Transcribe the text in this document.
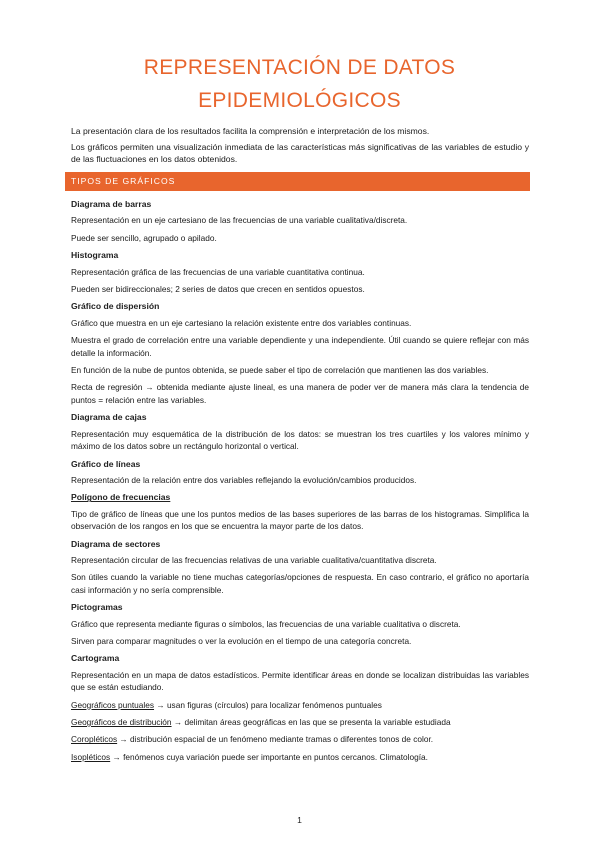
REPRESENTACIÓN DE DATOS
EPIDEMIOLÓGICOS
La presentación clara de los resultados facilita la comprensión e interpretación de los mismos.
Los gráficos permiten una visualización inmediata de las características más significativas de las variables de estudio y de las fluctuaciones en los datos obtenidos.
TIPOS DE GRÁFICOS
Diagrama de barras
Representación en un eje cartesiano de las frecuencias de una variable cualitativa/discreta.
Puede ser sencillo, agrupado o apilado.
Histograma
Representación gráfica de las frecuencias de una variable cuantitativa continua.
Pueden ser bidireccionales; 2 series de datos que crecen en sentidos opuestos.
Gráfico de dispersión
Gráfico que muestra en un eje cartesiano la relación existente entre dos variables continuas.
Muestra el grado de correlación entre una variable dependiente y una independiente. Útil cuando se quiere reflejar con más detalle la información.
En función de la nube de puntos obtenida, se puede saber el tipo de correlación que mantienen las dos variables.
Recta de regresión → obtenida mediante ajuste lineal, es una manera de poder ver de manera más clara la tendencia de puntos = relación entre las variables.
Diagrama de cajas
Representación muy esquemática de la distribución de los datos: se muestran los tres cuartiles y los valores mínimo y máximo de los datos sobre un rectángulo horizontal o vertical.
Gráfico de líneas
Representación de la relación entre dos variables reflejando la evolución/cambios producidos.
Polígono de frecuencias
Tipo de gráfico de líneas que une los puntos medios de las bases superiores de las barras de los histogramas. Simplifica la observación de los rangos en los que se encuentra la mayor parte de los datos.
Diagrama de sectores
Representación circular de las frecuencias relativas de una variable cualitativa/cuantitativa discreta.
Son útiles cuando la variable no tiene muchas categorías/opciones de respuesta. En caso contrario, el gráfico no aportaría casi información y no sería comprensible.
Pictogramas
Gráfico que representa mediante figuras o símbolos, las frecuencias de una variable cualitativa o discreta.
Sirven para comparar magnitudes o ver la evolución en el tiempo de una categoría concreta.
Cartograma
Representación en un mapa de datos estadísticos. Permite identificar áreas en donde se localizan distribuidas las variables que se están estudiando.
Geográficos puntuales → usan figuras (círculos) para localizar fenómenos puntuales
Geográficos de distribución → delimitan áreas geográficas en las que se presenta la variable estudiada
Coropléticos → distribución espacial de un fenómeno mediante tramas o diferentes tonos de color.
Isopléticos → fenómenos cuya variación puede ser importante en puntos cercanos. Climatología.
1
